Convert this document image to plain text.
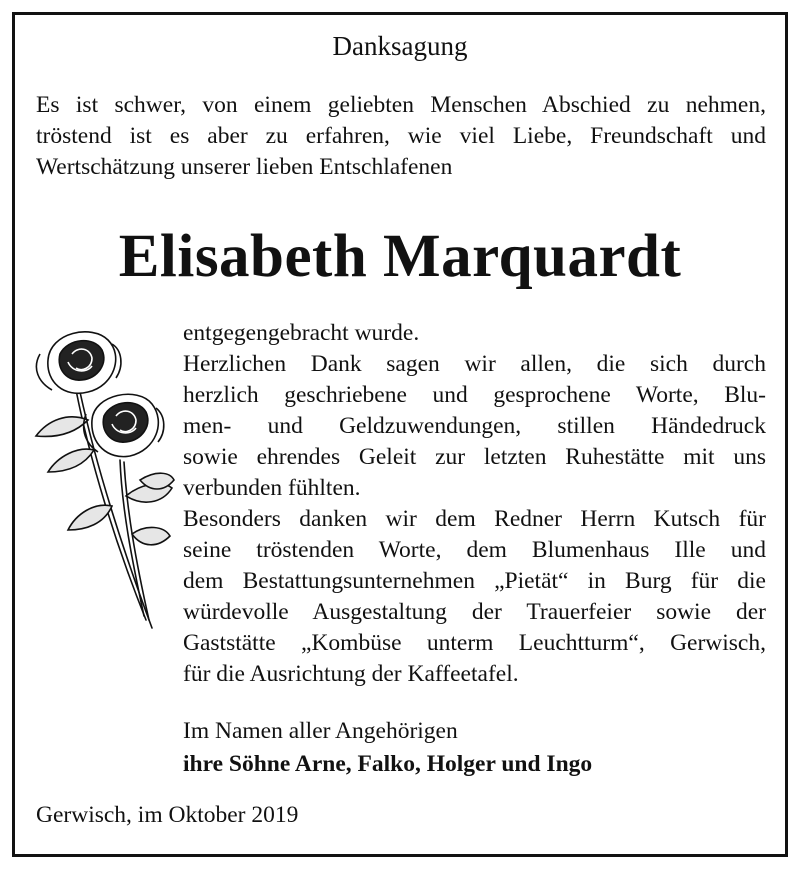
Danksagung
Es ist schwer, von einem geliebten Menschen Abschied zu nehmen,
tröstend ist es aber zu erfahren, wie viel Liebe, Freundschaft und
Wertschätzung unserer lieben Entschlafenen
Elisabeth Marquardt
entgegengebracht wurde.
Herzlichen Dank sagen wir allen, die sich durch
herzlich geschriebene und gesprochene Worte, Blu-
men- und Geldzuwendungen, stillen Händedruck
sowie ehrendes Geleit zur letzten Ruhestätte mit uns
verbunden fühlten.
Besonders danken wir dem Redner Herrn Kutsch für
seine tröstenden Worte, dem Blumenhaus Ille und
dem Bestattungsunternehmen „Pietät“ in Burg für die
würdevolle Ausgestaltung der Trauerfeier sowie der
Gaststätte „Kombüse unterm Leuchtturm“, Gerwisch,
für die Ausrichtung der Kaffeetafel.
Im Namen aller Angehörigen
ihre Söhne Arne, Falko, Holger und Ingo
Gerwisch, im Oktober 2019
